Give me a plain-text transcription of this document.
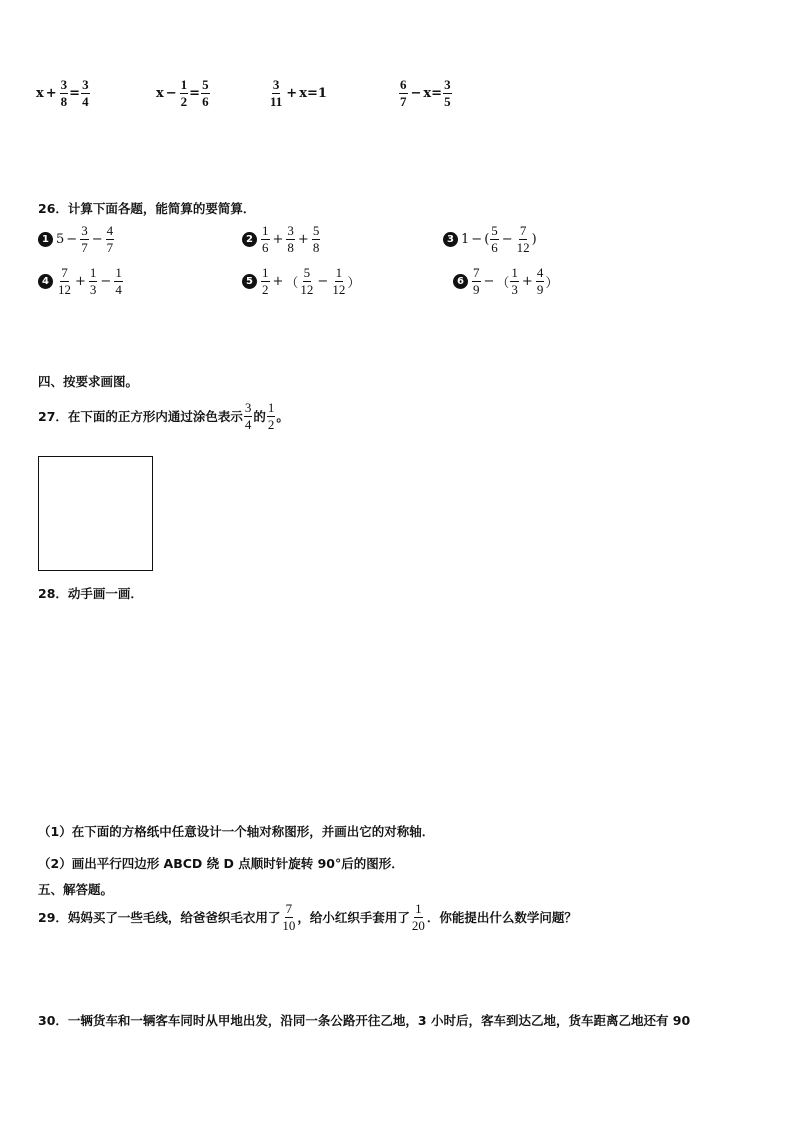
$x + \frac{3}{8} = \frac{3}{4}$	$x - \frac{1}{2} = \frac{5}{6}$	$\frac{3}{11} + x = 1$	$\frac{6}{7} - x = \frac{3}{5}$
26．计算下面各题，能简算的要简算．
1 $5 - \frac{3}{7} - \frac{4}{7}$	$2 \frac{1}{6} + \frac{3}{8} + \frac{5}{8}$	3 1 − ( $\frac{5}{6} - \frac{7}{12}$ )
$4 \frac{7}{12} + \frac{1}{3} - \frac{1}{4}$	$5 \frac{1}{2}$ + （ $\frac{5}{12} - \frac{1}{12}$ ）	$6 \frac{7}{9}$ − （ $\frac{1}{3} + \frac{4}{9}$ ）
四、按要求画图。
27．在下面的正方形内通过涂色表示 $\frac{3}{4}$ 的 $\frac{1}{2}$ 。
28．动手画一画．
（1）在下面的方格纸中任意设计一个轴对称图形，并画出它的对称轴．
（2）画出平行四边形 ABCD 绕 D 点顺时针旋转 90°后的图形．
五、解答题。
29．妈妈买了一些毛线，给爸爸织毛衣用了 $\frac{7}{10}$ ，给小红织手套用了 $\frac{1}{20}$ ．你能提出什么数学问题？
30．一辆货车和一辆客车同时从甲地出发，沿同一条公路开往乙地，3 小时后，客车到达乙地，货车距离乙地还有 90
